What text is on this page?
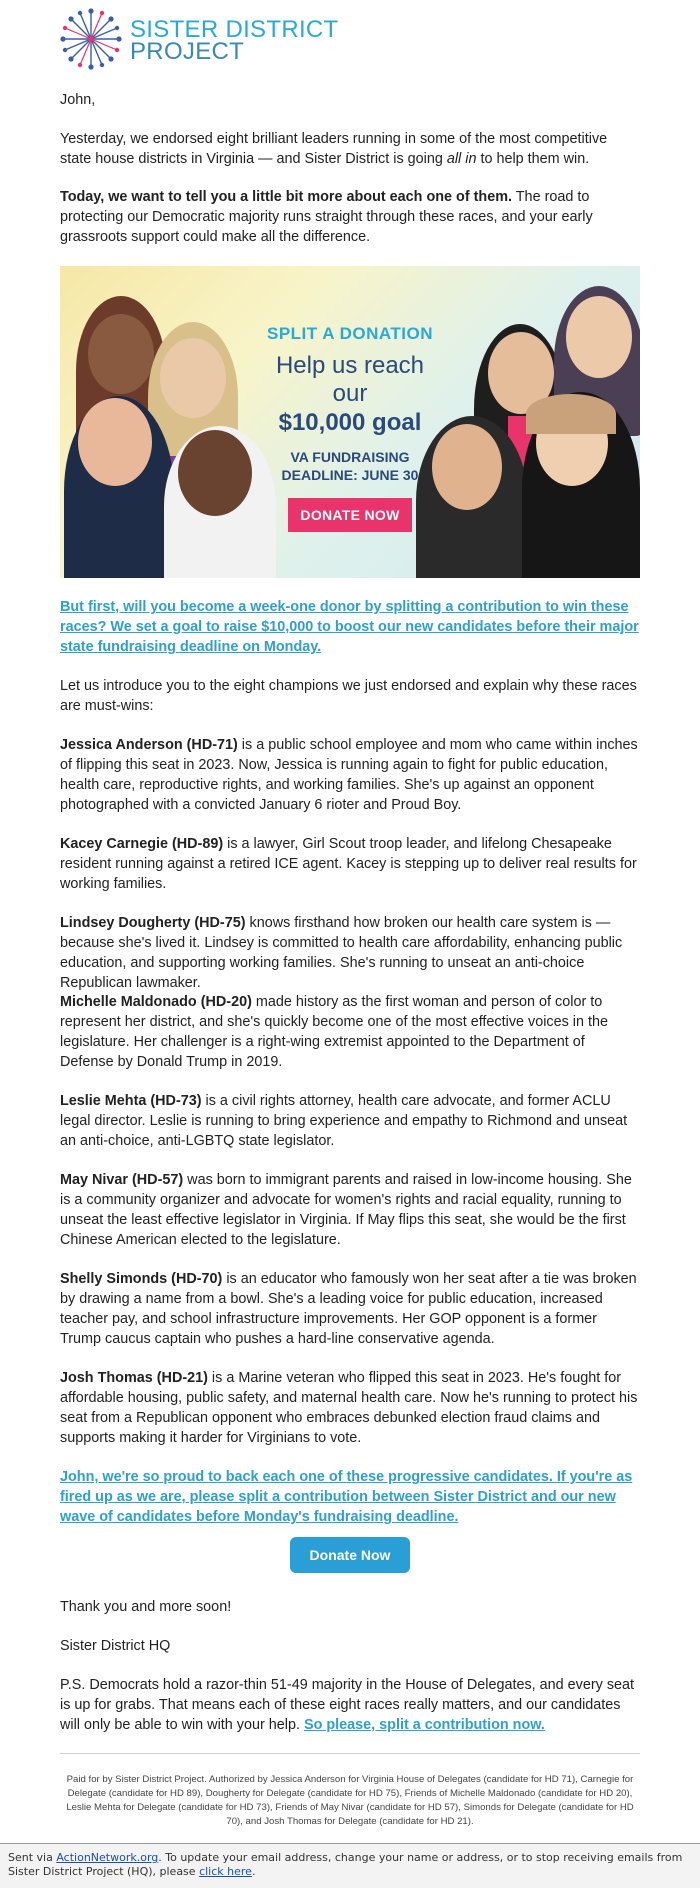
SISTER DISTRICT
PROJECT
John,
Yesterday, we endorsed eight brilliant leaders running in some of the most competitive state house districts in Virginia — and Sister District is going all in to help them win.
Today, we want to tell you a little bit more about each one of them. The road to protecting our Democratic majority runs straight through these races, and your early grassroots support could make all the difference.
SPLIT A DONATION
Help us reach our
$10,000 goal
VA FUNDRAISING
DEADLINE: JUNE 30
DONATE NOW
But first, will you become a week-one donor by splitting a contribution to win these races? We set a goal to raise $10,000 to boost our new candidates before their major state fundraising deadline on Monday.
Let us introduce you to the eight champions we just endorsed and explain why these races are must-wins:
Jessica Anderson (HD-71) is a public school employee and mom who came within inches of flipping this seat in 2023. Now, Jessica is running again to fight for public education, health care, reproductive rights, and working families. She's up against an opponent photographed with a convicted January 6 rioter and Proud Boy.
Kacey Carnegie (HD-89) is a lawyer, Girl Scout troop leader, and lifelong Chesapeake resident running against a retired ICE agent. Kacey is stepping up to deliver real results for working families.
Lindsey Dougherty (HD-75) knows firsthand how broken our health care system is — because she's lived it. Lindsey is committed to health care affordability, enhancing public education, and supporting working families. She's running to unseat an anti-choice Republican lawmaker.
Michelle Maldonado (HD-20) made history as the first woman and person of color to represent her district, and she's quickly become one of the most effective voices in the legislature. Her challenger is a right-wing extremist appointed to the Department of Defense by Donald Trump in 2019.
Leslie Mehta (HD-73) is a civil rights attorney, health care advocate, and former ACLU legal director. Leslie is running to bring experience and empathy to Richmond and unseat an anti-choice, anti-LGBTQ state legislator.
May Nivar (HD-57) was born to immigrant parents and raised in low-income housing. She is a community organizer and advocate for women's rights and racial equality, running to unseat the least effective legislator in Virginia. If May flips this seat, she would be the first Chinese American elected to the legislature.
Shelly Simonds (HD-70) is an educator who famously won her seat after a tie was broken by drawing a name from a bowl. She's a leading voice for public education, increased teacher pay, and school infrastructure improvements. Her GOP opponent is a former Trump caucus captain who pushes a hard-line conservative agenda.
Josh Thomas (HD-21) is a Marine veteran who flipped this seat in 2023. He's fought for affordable housing, public safety, and maternal health care. Now he's running to protect his seat from a Republican opponent who embraces debunked election fraud claims and supports making it harder for Virginians to vote.
John, we're so proud to back each one of these progressive candidates. If you're as fired up as we are, please split a contribution between Sister District and our new wave of candidates before Monday's fundraising deadline.
Donate Now
Thank you and more soon!
Sister District HQ
P.S. Democrats hold a razor-thin 51-49 majority in the House of Delegates, and every seat is up for grabs. That means each of these eight races really matters, and our candidates will only be able to win with your help. So please, split a contribution now.
Paid for by Sister District Project. Authorized by Jessica Anderson for Virginia House of Delegates (candidate for HD 71), Carnegie for Delegate (candidate for HD 89), Dougherty for Delegate (candidate for HD 75), Friends of Michelle Maldonado (candidate for HD 20), Leslie Mehta for Delegate (candidate for HD 73), Friends of May Nivar (candidate for HD 57), Simonds for Delegate (candidate for HD 70), and Josh Thomas for Delegate (candidate for HD 21).
Sent via ActionNetwork.org. To update your email address, change your name or address, or to stop receiving emails from Sister District Project (HQ), please click here.
